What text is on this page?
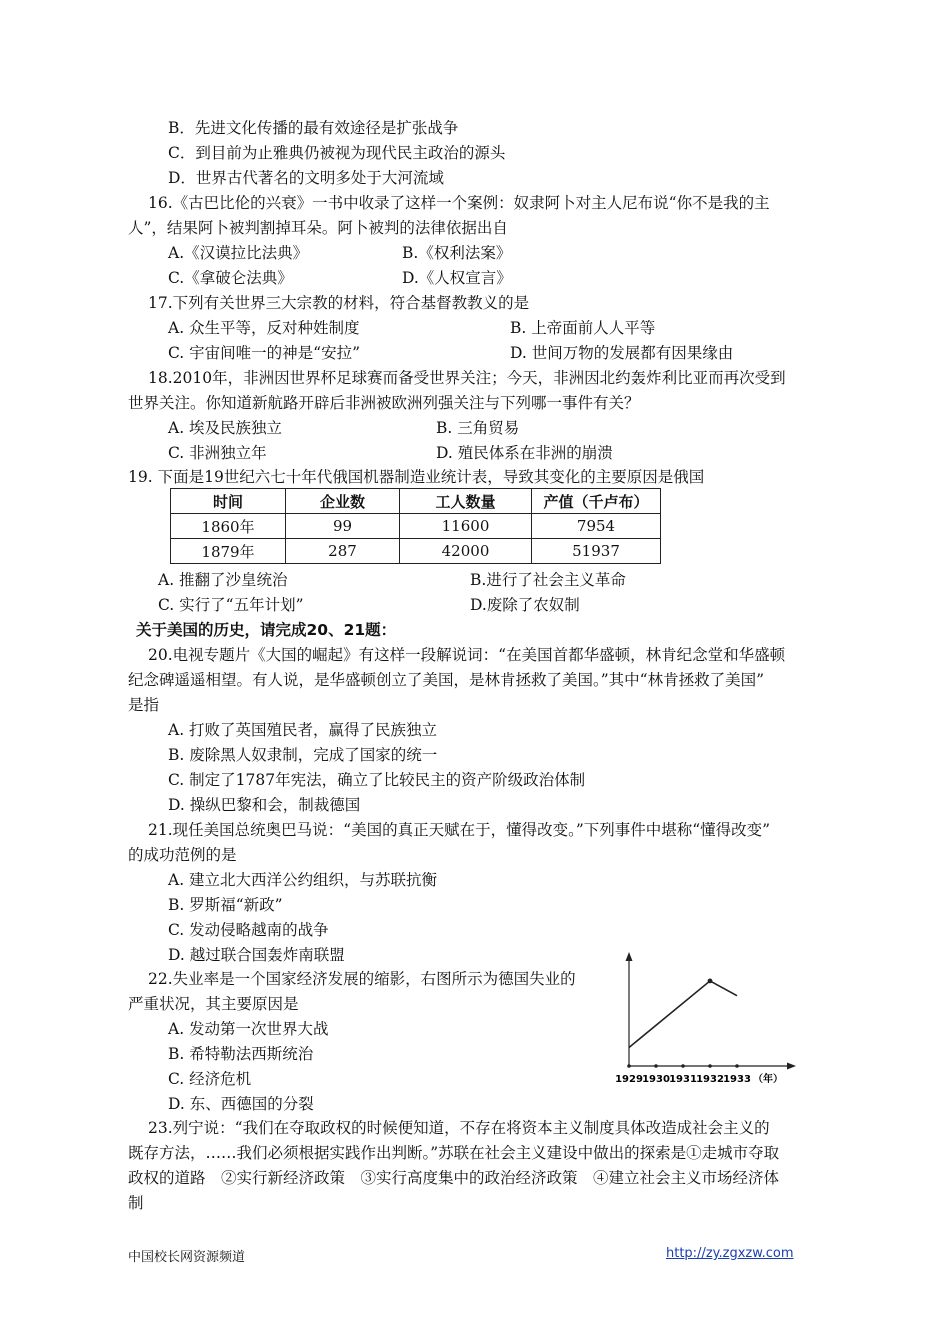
B．先进文化传播的最有效途径是扩张战争
C．到目前为止雅典仍被视为现代民主政治的源头
D．世界古代著名的文明多处于大河流域
16.《古巴比伦的兴衰》一书中收录了这样一个案例：奴隶阿卜对主人尼布说“你不是我的主
人”，结果阿卜被判割掉耳朵。阿卜被判的法律依据出自
A.《汉谟拉比法典》	B.《权利法案》
C.《拿破仑法典》	D.《人权宣言》
17.下列有关世界三大宗教的材料，符合基督教教义的是
A. 众生平等，反对种姓制度	B. 上帝面前人人平等
C. 宇宙间唯一的神是“安拉”	D. 世间万物的发展都有因果缘由
18.2010年，非洲因世界杯足球赛而备受世界关注；今天，非洲因北约轰炸利比亚而再次受到
世界关注。你知道新航路开辟后非洲被欧洲列强关注与下列哪一事件有关？
A. 埃及民族独立	B. 三角贸易
C. 非洲独立年	D. 殖民体系在非洲的崩溃
19. 下面是19世纪六七十年代俄国机器制造业统计表，导致其变化的主要原因是俄国
时间	企业数	工人数量	产值（千卢布）
1860年	99	11600	7954
1879年	287	42000	51937
A. 推翻了沙皇统治	B.进行了社会主义革命
C. 实行了“五年计划”	D.废除了农奴制
关于美国的历史，请完成20、21题：
20.电视专题片《大国的崛起》有这样一段解说词：“在美国首都华盛顿，林肯纪念堂和华盛顿
纪念碑遥遥相望。有人说，是华盛顿创立了美国，是林肯拯救了美国。”其中“林肯拯救了美国”
是指
A. 打败了英国殖民者，赢得了民族独立
B. 废除黑人奴隶制，完成了国家的统一
C. 制定了1787年宪法，确立了比较民主的资产阶级政治体制
D. 操纵巴黎和会，制裁德国
21.现任美国总统奥巴马说：“美国的真正天赋在于，懂得改变。”下列事件中堪称“懂得改变”
的成功范例的是
A. 建立北大西洋公约组织，与苏联抗衡
B. 罗斯福“新政”
C. 发动侵略越南的战争
D. 越过联合国轰炸南联盟
22.失业率是一个国家经济发展的缩影，右图所示为德国失业的
严重状况，其主要原因是
A. 发动第一次世界大战
B. 希特勒法西斯统治
C. 经济危机
D. 东、西德国的分裂
1929 1930 1931 1932 1933 （年）
23.列宁说：“我们在夺取政权的时候便知道，不存在将资本主义制度具体改造成社会主义的
既存方法，……我们必须根据实践作出判断。”苏联在社会主义建设中做出的探索是①走城市夺取
政权的道路　②实行新经济政策　③实行高度集中的政治经济政策　④建立社会主义市场经济体
制
中国校长网资源频道	http://zy.zgxzw.com
